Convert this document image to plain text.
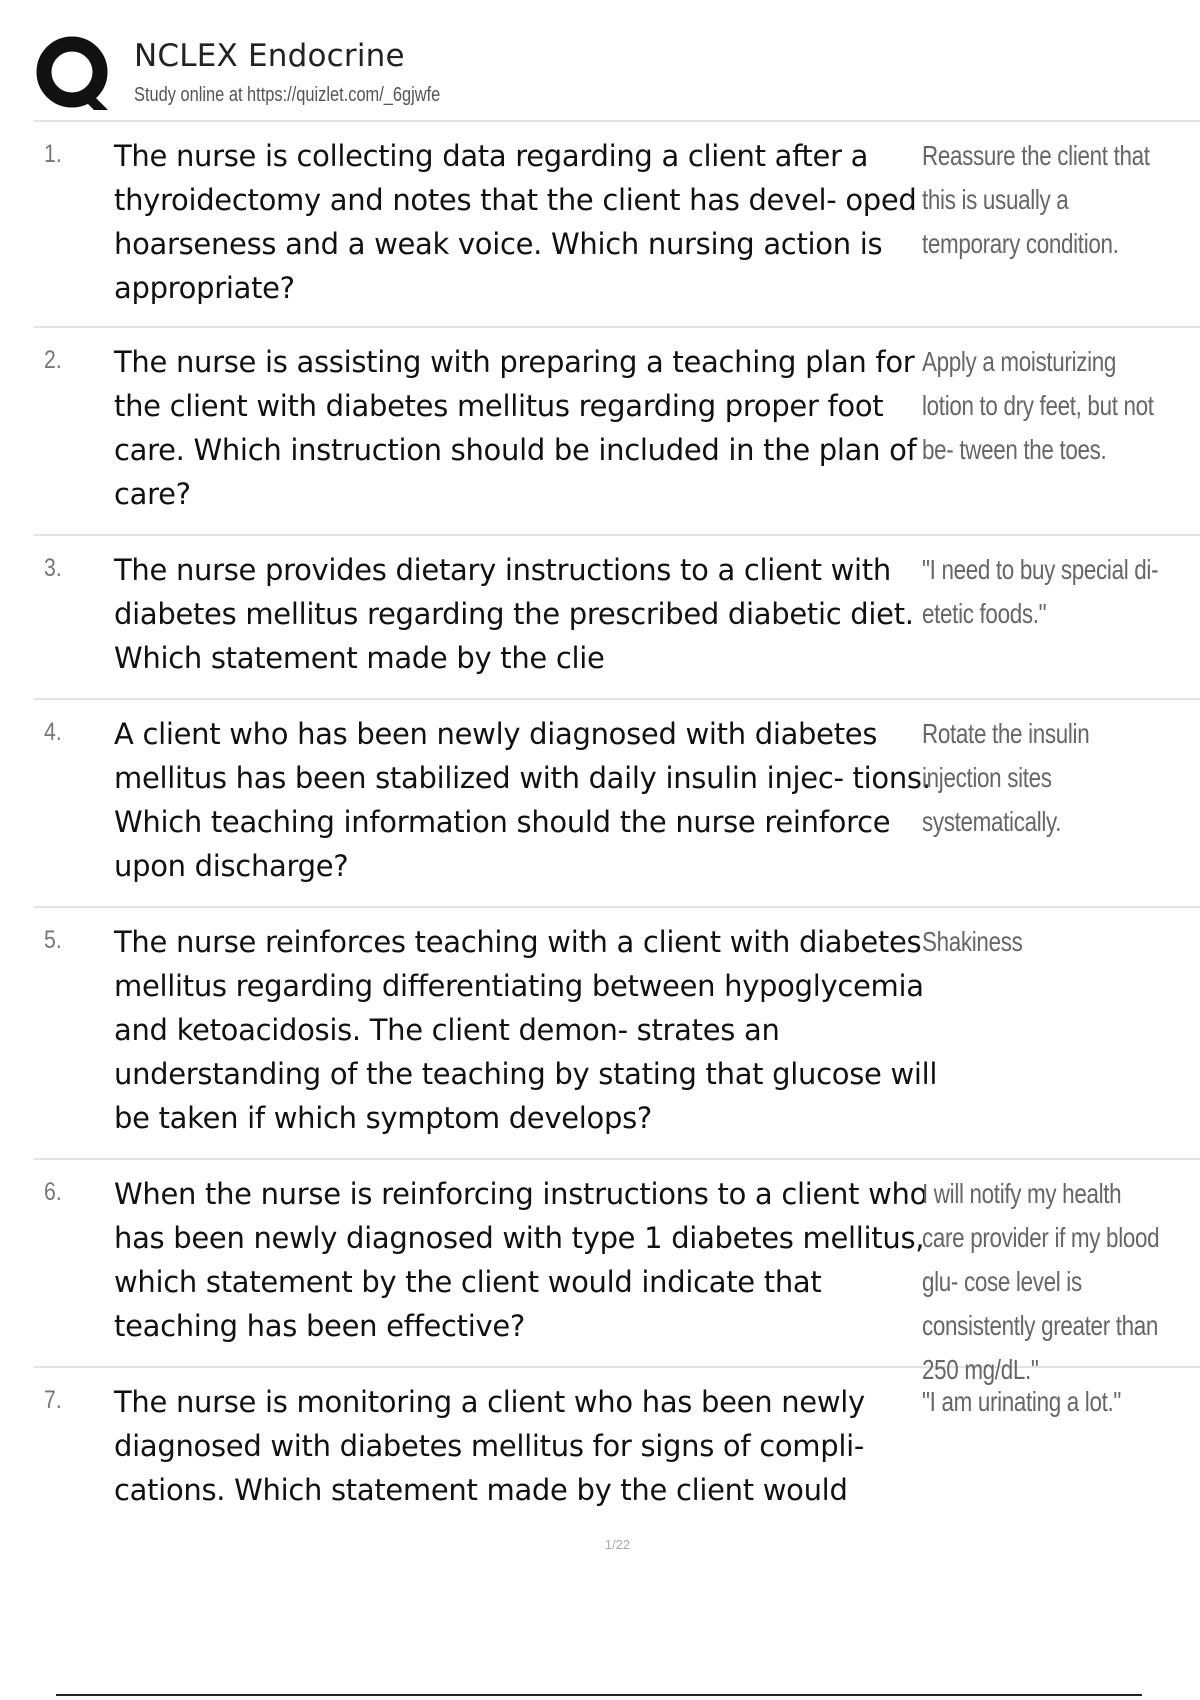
NCLEX Endocrine
Study online at https://quizlet.com/_6gjwfe
1. The nurse is collecting data regarding a client after a thyroidectomy and notes that the client has devel- oped hoarseness and a weak voice. Which nursing action is appropriate?
Reassure the client that this is usually a temporary condition.
2. The nurse is assisting with preparing a teaching plan for the client with diabetes mellitus regarding proper foot care. Which instruction should be included in the plan of care?
Apply a moisturizing lotion to dry feet, but not be- tween the toes.
3. The nurse provides dietary instructions to a client with diabetes mellitus regarding the prescribed diabetic diet. Which statement made by the clie
"I need to buy special di- etetic foods."
4. A client who has been newly diagnosed with diabetes mellitus has been stabilized with daily insulin injec- tions. Which teaching information should the nurse reinforce upon discharge?
Rotate the insulin injection sites systematically.
5. The nurse reinforces teaching with a client with diabetes mellitus regarding differentiating between hypoglycemia and ketoacidosis. The client demon- strates an understanding of the teaching by stating that glucose will be taken if which symptom develops?
Shakiness
6. When the nurse is reinforcing instructions to a client who has been newly diagnosed with type 1 diabetes mellitus, which statement by the client would indicate that teaching has been effective?
I will notify my health care provider if my blood glu- cose level is consistently greater than 250 mg/dL."
7. The nurse is monitoring a client who has been newly diagnosed with diabetes mellitus for signs of compli- cations. Which statement made by the client would
"I am urinating a lot."
1/22
